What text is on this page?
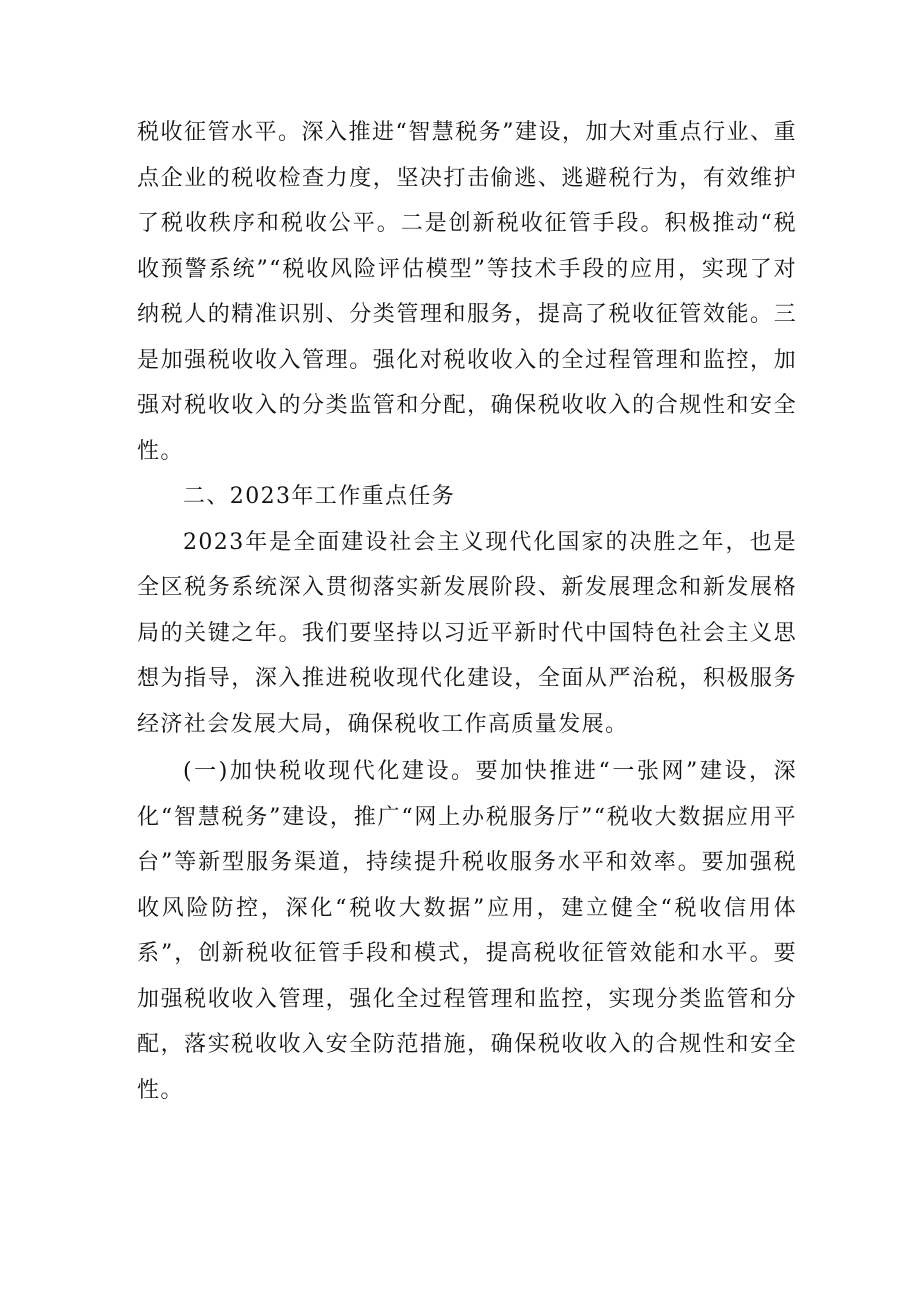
税收征管水平。深入推进“智慧税务”建设，加大对重点行业、重点企业的税收检查力度，坚决打击偷逃、逃避税行为，有效维护了税收秩序和税收公平。二是创新税收征管手段。积极推动“税收预警系统”“税收风险评估模型”等技术手段的应用，实现了对纳税人的精准识别、分类管理和服务，提高了税收征管效能。三是加强税收收入管理。强化对税收收入的全过程管理和监控，加强对税收收入的分类监管和分配，确保税收收入的合规性和安全性。

二、2023年工作重点任务

2023年是全面建设社会主义现代化国家的决胜之年，也是全区税务系统深入贯彻落实新发展阶段、新发展理念和新发展格局的关键之年。我们要坚持以习近平新时代中国特色社会主义思想为指导，深入推进税收现代化建设，全面从严治税，积极服务经济社会发展大局，确保税收工作高质量发展。

(一)加快税收现代化建设。要加快推进“一张网”建设，深化“智慧税务”建设，推广“网上办税服务厅”“税收大数据应用平台”等新型服务渠道，持续提升税收服务水平和效率。要加强税收风险防控，深化“税收大数据”应用，建立健全“税收信用体系”，创新税收征管手段和模式，提高税收征管效能和水平。要加强税收收入管理，强化全过程管理和监控，实现分类监管和分配，落实税收收入安全防范措施，确保税收收入的合规性和安全性。
